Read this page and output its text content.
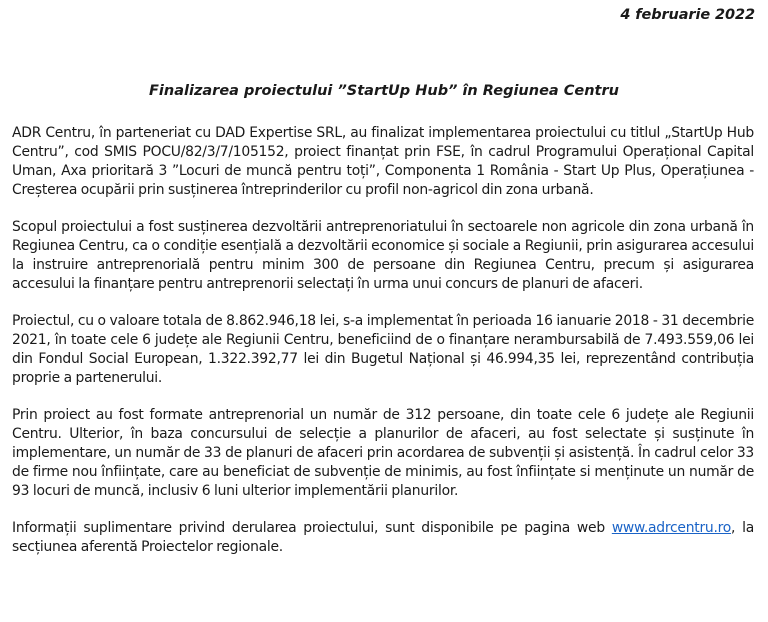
4 februarie 2022
Finalizarea proiectului ”StartUp Hub” în Regiunea Centru

ADR Centru, în parteneriat cu DAD Expertise SRL, au finalizat implementarea proiectului cu titlul „StartUp Hub Centru”, cod SMIS POCU/82/3/7/105152, proiect finanțat prin FSE, în cadrul Programului Operațional Capital Uman, Axa prioritară 3 ”Locuri de muncă pentru toți”, Componenta 1 România - Start Up Plus, Operațiunea - Creșterea ocupării prin susținerea întreprinderilor cu profil non-agricol din zona urbană.

Scopul proiectului a fost susținerea dezvoltării antreprenoriatului în sectoarele non agricole din zona urbană în Regiunea Centru, ca o condiție esențială a dezvoltării economice și sociale a Regiunii, prin asigurarea accesului la instruire antreprenorială pentru minim 300 de persoane din Regiunea Centru, precum și asigurarea accesului la finanțare pentru antreprenorii selectați în urma unui concurs de planuri de afaceri.

Proiectul, cu o valoare totala de 8.862.946,18 lei, s-a implementat în perioada 16 ianuarie 2018 - 31 decembrie 2021, în toate cele 6 județe ale Regiunii Centru, beneficiind de o finanțare nerambursabilă de 7.493.559,06 lei din Fondul Social European, 1.322.392,77 lei din Bugetul Național și 46.994,35 lei, reprezentând contribuția proprie a partenerului.

Prin proiect au fost formate antreprenorial un număr de 312 persoane, din toate cele 6 județe ale Regiunii Centru. Ulterior, în baza concursului de selecție a planurilor de afaceri, au fost selectate și susținute în implementare, un număr de 33 de planuri de afaceri prin acordarea de subvenții și asistență. În cadrul celor 33 de firme nou înființate, care au beneficiat de subvenție de minimis, au fost înființate si menținute un număr de 93 locuri de muncă, inclusiv 6 luni ulterior implementării planurilor.

Informații suplimentare privind derularea proiectului, sunt disponibile pe pagina web www.adrcentru.ro, la secțiunea aferentă Proiectelor regionale.
